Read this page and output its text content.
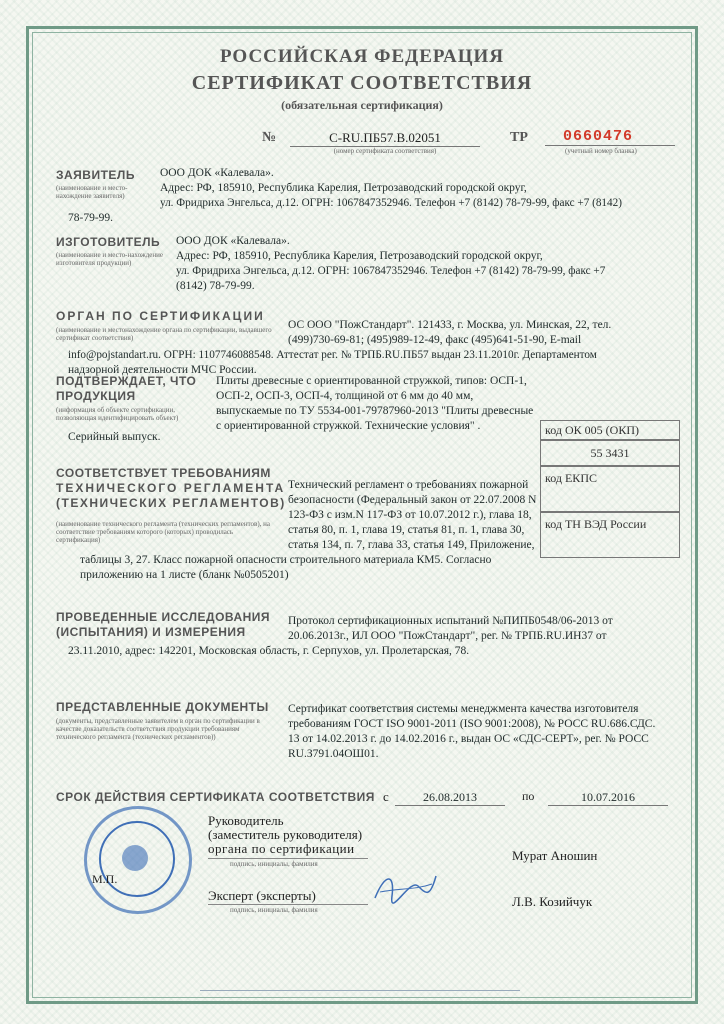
РОССИЙСКАЯ ФЕДЕРАЦИЯ
СЕРТИФИКАТ СООТВЕТСТВИЯ
(обязательная сертификация)
№	C-RU.ПБ57.В.02051
(номер сертификата соответствия)
ТР	0660476
(учетный номер бланка)
ЗАЯВИТЕЛЬ
(наименование и место-нахождение заявителя)
ООО ДОК «Калевала».
Адрес: РФ, 185910, Республика Карелия, Петрозаводский городской округ,
ул. Фридриха Энгельса, д.12. ОГРН: 1067847352946. Телефон +7 (8142) 78-79-99, факс +7 (8142)
78-79-99.
ИЗГОТОВИТЕЛЬ
(наименование и место-нахождение изготовителя продукции)
ООО ДОК «Калевала».
Адрес: РФ, 185910, Республика Карелия, Петрозаводский городской округ,
ул. Фридриха Энгельса, д.12. ОГРН: 1067847352946. Телефон +7 (8142) 78-79-99, факс +7
(8142) 78-79-99.
ОРГАН ПО СЕРТИФИКАЦИИ
(наименование и местонахождение органа по сертификации, выдавшего сертификат соответствия)
ОС ООО "ПожСтандарт". 121433, г. Москва, ул. Минская, 22, тел.
(499)730-69-81; (495)989-12-49, факс (495)641-51-90, E-mail
info@pojstandart.ru. ОГРН: 1107746088548. Аттестат рег. № ТРПБ.RU.ПБ57 выдан 23.11.2010г. Департаментом
надзорной деятельности МЧС России.
ПОДТВЕРЖДАЕТ, ЧТО
ПРОДУКЦИЯ
(информация об объекте сертификации, позволяющая идентифицировать объект)
Плиты древесные с ориентированной стружкой, типов: ОСП-1,
ОСП-2, ОСП-3, ОСП-4, толщиной от 6 мм до 40 мм,
выпускаемые по ТУ 5534-001-79787960-2013 "Плиты древесные
с ориентированной стружкой. Технические условия" .
Серийный выпуск.	код ОК 005 (ОКП)
55 3431
СООТВЕТСТВУЕТ ТРЕБОВАНИЯМ
ТЕХНИЧЕСКОГО РЕГЛАМЕНТА
(ТЕХНИЧЕСКИХ РЕГЛАМЕНТОВ)
(наименование технического регламента (технических регламентов), на соответствие требованиям которого (которых) проводилась сертификация)
Технический регламент о требованиях пожарной
безопасности (Федеральный закон от 22.07.2008 N
123-ФЗ с изм.N 117-ФЗ от 10.07.2012 г.), глава 18,
статья 80, п. 1, глава 19, статья 81, п. 1, глава 30,
статья 134, п. 7, глава 33, статья 149, Приложение,
таблицы 3, 27. Класс пожарной опасности строительного материала КМ5. Согласно
приложению на 1 листе (бланк №0505201)
код ЕКПС
код ТН ВЭД России
ПРОВЕДЕННЫЕ ИССЛЕДОВАНИЯ
(ИСПЫТАНИЯ) И ИЗМЕРЕНИЯ
Протокол сертификационных испытаний №ПИПБ0548/06-2013 от
20.06.2013г., ИЛ ООО "ПожСтандарт", рег. № ТРПБ.RU.ИН37 от
23.11.2010, адрес: 142201, Московская область, г. Серпухов, ул. Пролетарская, 78.
ПРЕДСТАВЛЕННЫЕ ДОКУМЕНТЫ
(документы, представленные заявителем в орган по сертификации в качестве доказательств соответствия продукции требованиям технического регламента (технических регламентов))
Сертификат соответствия системы менеджмента качества изготовителя
требованиям ГОСТ ISO 9001-2011 (ISO 9001:2008), № РОСС RU.686.СДС.
13 от 14.02.2013 г. до 14.02.2016 г., выдан ОС «СДС-СЕРТ», рег. № РОСС
RU.З791.04ОШ01.
СРОК ДЕЙСТВИЯ СЕРТИФИКАТА СООТВЕТСТВИЯ с	26.08.2013	по	10.07.2016
М.П.
Руководитель
(заместитель руководителя)
органа по сертификации
подпись, инициалы, фамилия
Мурат Аношин
Эксперт (эксперты)
подпись, инициалы, фамилия
Л.В. Козийчук
